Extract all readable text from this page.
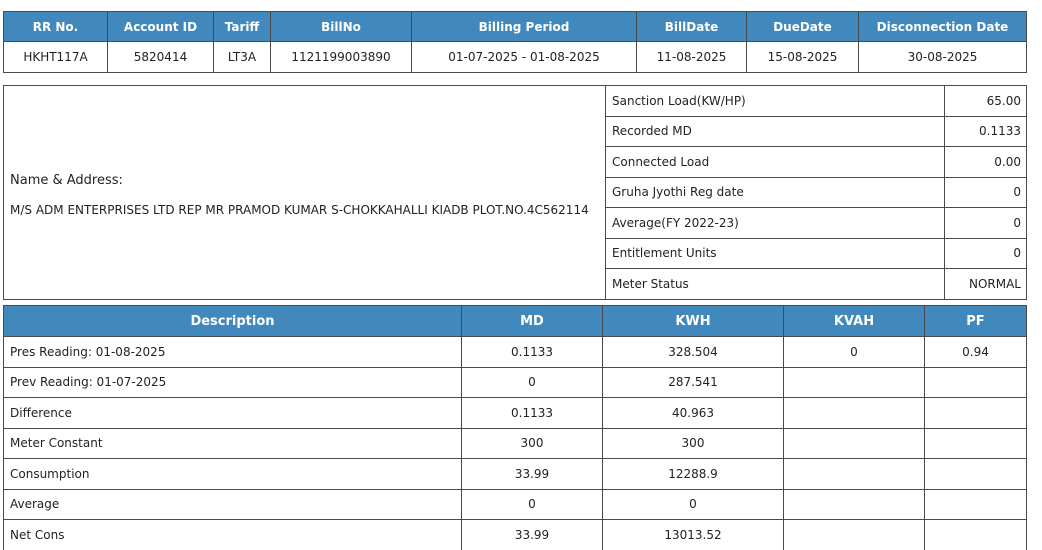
RR No.	Account ID	Tariff	BillNo	Billing Period	BillDate	DueDate	Disconnection Date
HKHT117A	5820414	LT3A	1121199003890	01-07-2025 - 01-08-2025	11-08-2025	15-08-2025	30-08-2025
Name & Address:
M/S ADM ENTERPRISES LTD REP MR PRAMOD KUMAR S-CHOKKAHALLI KIADB PLOT.NO.4C562114	Sanction Load(KW/HP)	65.00
	Recorded MD	0.1133
	Connected Load	0.00
	Gruha Jyothi Reg date	0
	Average(FY 2022-23)	0
	Entitlement Units	0
	Meter Status	NORMAL
Description	MD	KWH	KVAH	PF
Pres Reading: 01-08-2025	0.1133	328.504	0	0.94
Prev Reading: 01-07-2025	0	287.541		
Difference	0.1133	40.963		
Meter Constant	300	300		
Consumption	33.99	12288.9		
Average	0	0		
Net Cons	33.99	13013.52		
